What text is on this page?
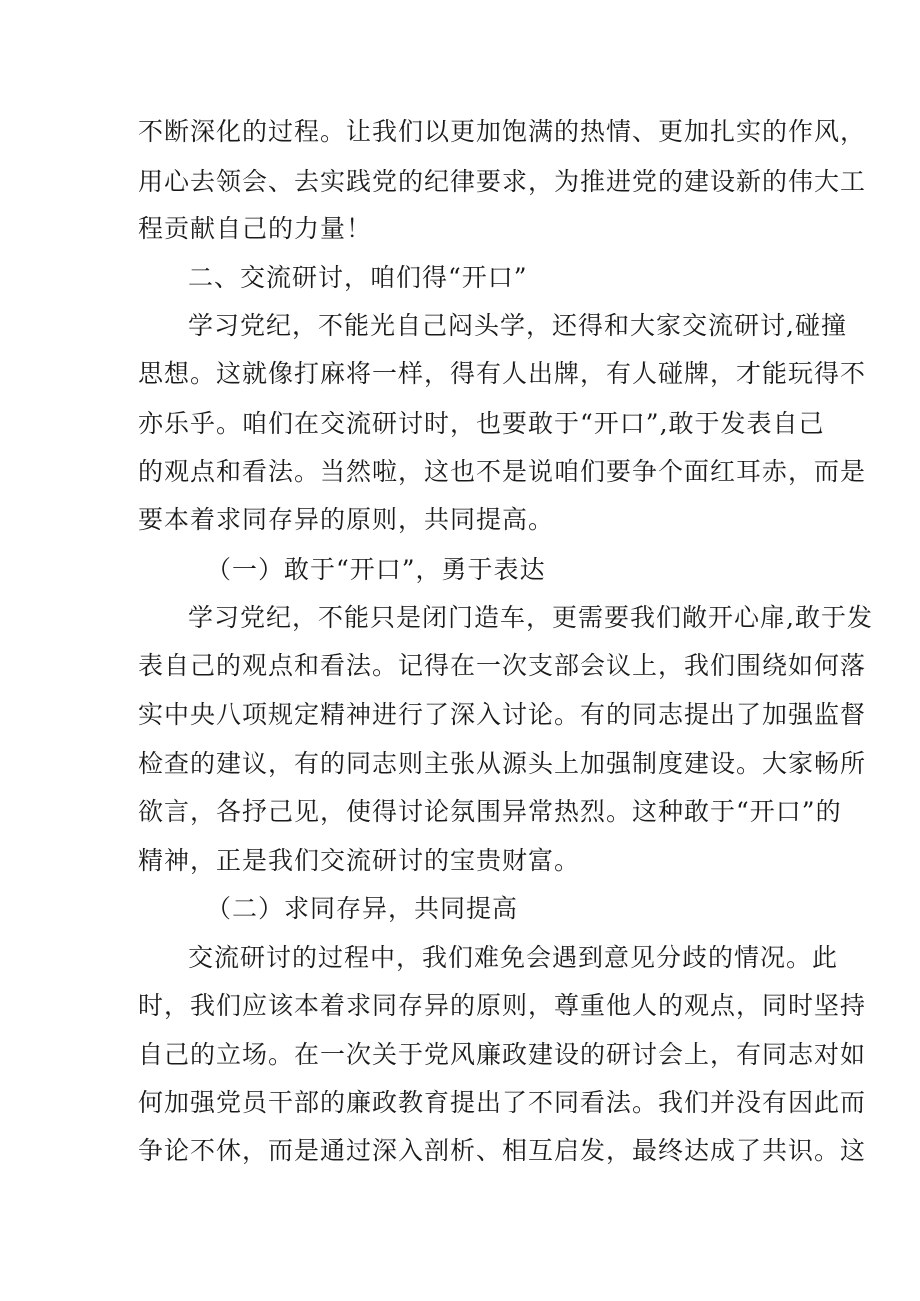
不断深化的过程。让我们以更加饱满的热情、更加扎实的作风，
用心去领会、去实践党的纪律要求，为推进党的建设新的伟大工
程贡献自己的力量！
二、交流研讨，咱们得“开口”
学习党纪，不能光自己闷头学，还得和大家交流研讨,碰撞
思想。这就像打麻将一样，得有人出牌，有人碰牌，才能玩得不
亦乐乎。咱们在交流研讨时，也要敢于“开口”,敢于发表自己
的观点和看法。当然啦，这也不是说咱们要争个面红耳赤，而是
要本着求同存异的原则，共同提高。
（一）敢于“开口”，勇于表达
学习党纪，不能只是闭门造车，更需要我们敞开心扉,敢于发
表自己的观点和看法。记得在一次支部会议上，我们围绕如何落
实中央八项规定精神进行了深入讨论。有的同志提出了加强监督
检查的建议，有的同志则主张从源头上加强制度建设。大家畅所
欲言，各抒己见，使得讨论氛围异常热烈。这种敢于“开口”的
精神，正是我们交流研讨的宝贵财富。
（二）求同存异，共同提高
交流研讨的过程中，我们难免会遇到意见分歧的情况。此
时，我们应该本着求同存异的原则，尊重他人的观点，同时坚持
自己的立场。在一次关于党风廉政建设的研讨会上，有同志对如
何加强党员干部的廉政教育提出了不同看法。我们并没有因此而
争论不休，而是通过深入剖析、相互启发，最终达成了共识。这
